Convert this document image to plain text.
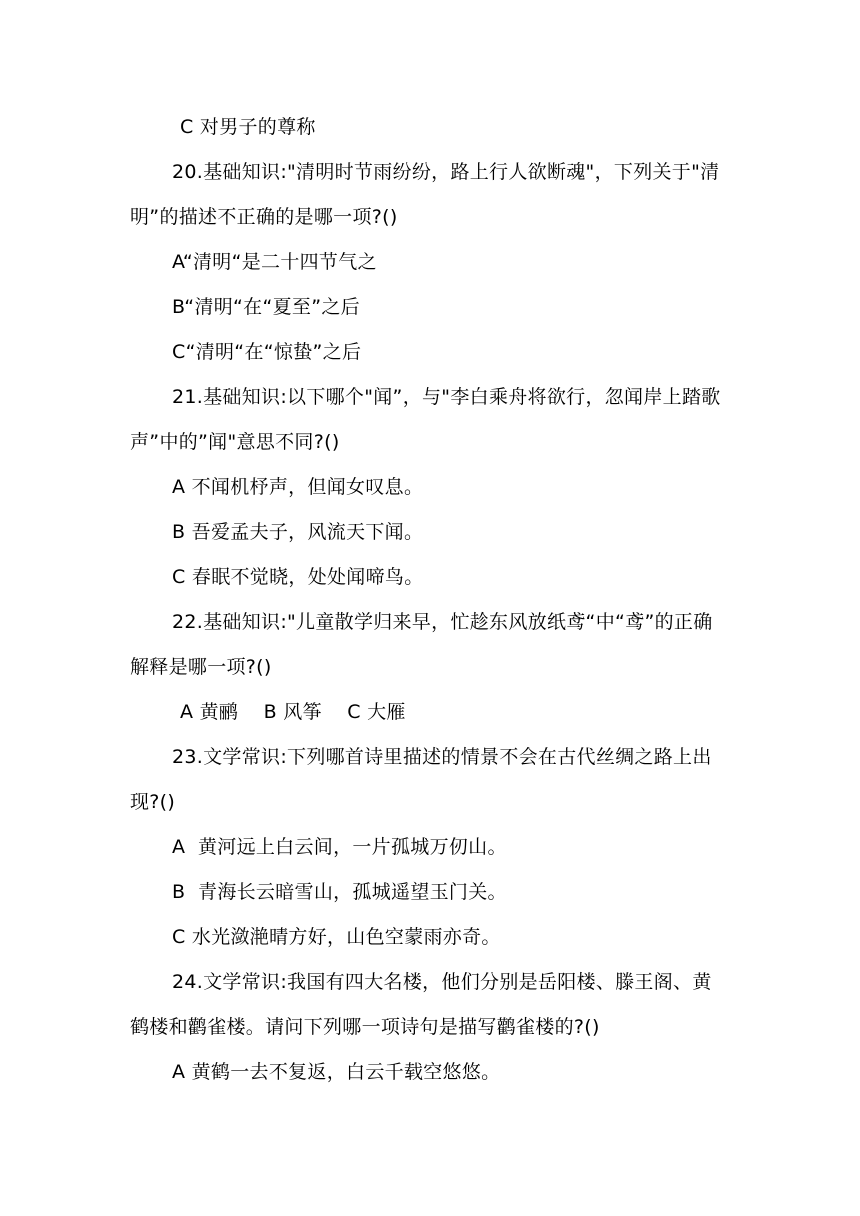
C 对男子的尊称
20.基础知识:"清明时节雨纷纷，路上行人欲断魂"，下列关于"清
明”的描述不正确的是哪一项?()
A“清明“是二十四节气之
B“清明“在“夏至”之后
C“清明“在“惊蛰”之后
21.基础知识:以下哪个"闻”，与"李白乘舟将欲行，忽闻岸上踏歌
声”中的”闻"意思不同?()
A 不闻机杼声，但闻女叹息。
B 吾爱孟夫子，风流天下闻。
C 春眠不觉晓，处处闻啼鸟。
22.基础知识:"儿童散学归来早，忙趁东风放纸鸢“中“鸢”的正确
解释是哪一项?()
A 黄鹂    B 风筝    C 大雁
23.文学常识:下列哪首诗里描述的情景不会在古代丝绸之路上出
现?()
A  黄河远上白云间，一片孤城万仞山。
B  青海长云暗雪山，孤城遥望玉门关。
C 水光潋滟晴方好，山色空蒙雨亦奇。
24.文学常识:我国有四大名楼，他们分别是岳阳楼、滕王阁、黄
鹤楼和鹳雀楼。请问下列哪一项诗句是描写鹳雀楼的?()
A 黄鹤一去不复返，白云千载空悠悠。
